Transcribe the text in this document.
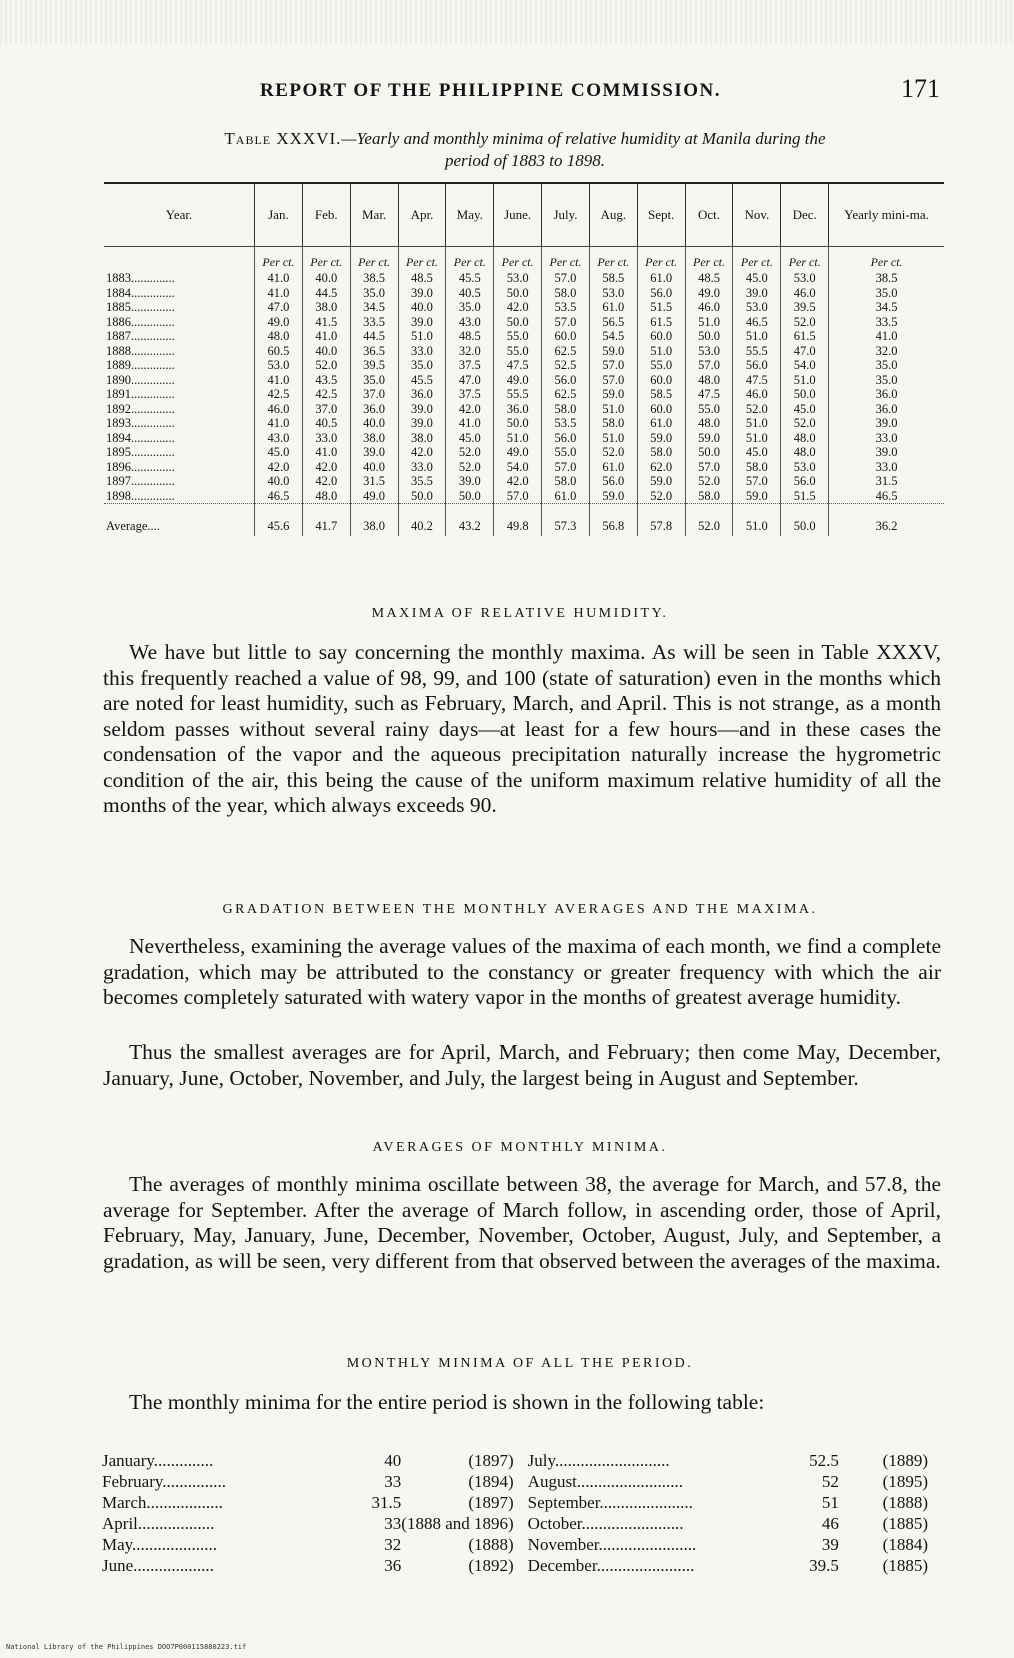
REPORT OF THE PHILIPPINE COMMISSION.	171
Table XXXVI.—Yearly and monthly minima of relative humidity at Manila during the
period of 1883 to 1898.
Year.	Jan.	Feb.	Mar.	Apr.	May.	June.	July.	Aug.	Sept.	Oct.	Nov.	Dec.	Yearly mini-ma.
	Per ct.	Per ct.	Per ct.	Per ct.	Per ct.	Per ct.	Per ct.	Per ct.	Per ct.	Per ct.	Per ct.	Per ct.	Per ct.
1883..............	41.0	40.0	38.5	48.5	45.5	53.0	57.0	58.5	61.0	48.5	45.0	53.0	38.5
1884..............	41.0	44.5	35.0	39.0	40.5	50.0	58.0	53.0	56.0	49.0	39.0	46.0	35.0
1885..............	47.0	38.0	34.5	40.0	35.0	42.0	53.5	61.0	51.5	46.0	53.0	39.5	34.5
1886..............	49.0	41.5	33.5	39.0	43.0	50.0	57.0	56.5	61.5	51.0	46.5	52.0	33.5
1887..............	48.0	41.0	44.5	51.0	48.5	55.0	60.0	54.5	60.0	50.0	51.0	61.5	41.0
1888..............	60.5	40.0	36.5	33.0	32.0	55.0	62.5	59.0	51.0	53.0	55.5	47.0	32.0
1889..............	53.0	52.0	39.5	35.0	37.5	47.5	52.5	57.0	55.0	57.0	56.0	54.0	35.0
1890..............	41.0	43.5	35.0	45.5	47.0	49.0	56.0	57.0	60.0	48.0	47.5	51.0	35.0
1891..............	42.5	42.5	37.0	36.0	37.5	55.5	62.5	59.0	58.5	47.5	46.0	50.0	36.0
1892..............	46.0	37.0	36.0	39.0	42.0	36.0	58.0	51.0	60.0	55.0	52.0	45.0	36.0
1893..............	41.0	40.5	40.0	39.0	41.0	50.0	53.5	58.0	61.0	48.0	51.0	52.0	39.0
1894..............	43.0	33.0	38.0	38.0	45.0	51.0	56.0	51.0	59.0	59.0	51.0	48.0	33.0
1895..............	45.0	41.0	39.0	42.0	52.0	49.0	55.0	52.0	58.0	50.0	45.0	48.0	39.0
1896..............	42.0	42.0	40.0	33.0	52.0	54.0	57.0	61.0	62.0	57.0	58.0	53.0	33.0
1897..............	40.0	42.0	31.5	35.5	39.0	42.0	58.0	56.0	59.0	52.0	57.0	56.0	31.5
1898..............	46.5	48.0	49.0	50.0	50.0	57.0	61.0	59.0	52.0	58.0	59.0	51.5	46.5
Average....	45.6	41.7	38.0	40.2	43.2	49.8	57.3	56.8	57.8	52.0	51.0	50.0	36.2
MAXIMA OF RELATIVE HUMIDITY.

We have but little to say concerning the monthly maxima. As will be seen in Table XXXV, this frequently reached a value of 98, 99, and 100 (state of saturation) even in the months which are noted for least humidity, such as February, March, and April. This is not strange, as a month seldom passes without several rainy days—at least for a few hours—and in these cases the condensation of the vapor and the aqueous precipitation naturally increase the hygrometric condition of the air, this being the cause of the uniform maximum relative humidity of all the months of the year, which always exceeds 90.

GRADATION BETWEEN THE MONTHLY AVERAGES AND THE MAXIMA.

Nevertheless, examining the average values of the maxima of each month, we find a complete gradation, which may be attributed to the constancy or greater frequency with which the air becomes completely saturated with watery vapor in the months of greatest average humidity.

Thus the smallest averages are for April, March, and February; then come May, December, January, June, October, November, and July, the largest being in August and September.

AVERAGES OF MONTHLY MINIMA.

The averages of monthly minima oscillate between 38, the average for March, and 57.8, the average for September. After the average of March follow, in ascending order, those of April, February, May, January, June, December, November, October, August, July, and September, a gradation, as will be seen, very different from that observed between the averages of the maxima.

MONTHLY MINIMA OF ALL THE PERIOD.

The monthly minima for the entire period is shown in the following table:

January..............	40	(1897)	July...........................	52.5	(1889)
February...............	33	(1894)	August.........................	52	(1895)
March..................	31.5	(1897)	September......................	51	(1888)
April..................	33	(1888 and 1896)	October........................	46	(1885)
May....................	32	(1888)	November.......................	39	(1884)
June...................	36	(1892)	December.......................	39.5	(1885)
National Library of the Philippines DOO7P000115880223.tif
